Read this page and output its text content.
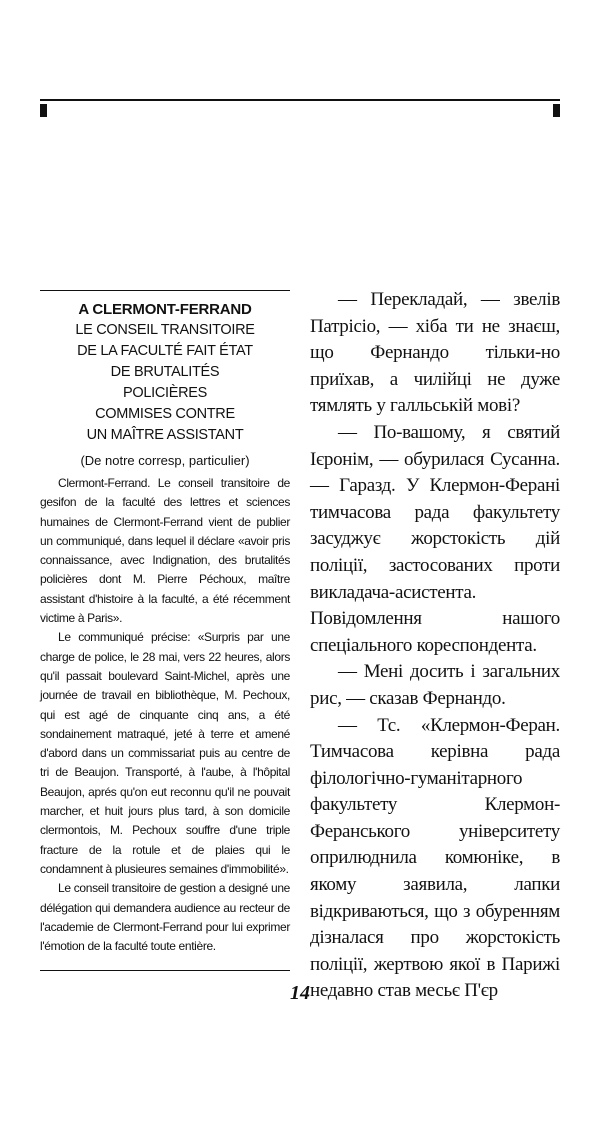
A CLERMONT-FERRAND
LE CONSEIL TRANSITOIRE
DE LA FACULTÉ FAIT ÉTAT
DE BRUTALITÉS
POLICIÈRES
COMMISES CONTRE
UN MAÎTRE ASSISTANT
(De notre corresp, particulier)

Clermont-Ferrand. Le conseil transitoire de gesifon de la faculté des lettres et sciences humaines de Clermont-Ferrand vient de publier un communiqué, dans lequel il déclare «avoir pris connaissance, avec Indignation, des brutalités policières dont M. Pierre Péchoux, maître assistant d'histoire à la faculté, a été récemment victime à Paris».

Le communiqué précise: «Surpris par une charge de police, le 28 mai, vers 22 heures, alors qu'il passait boulevard Saint-Michel, après une journée de travail en bibliothèque, M. Pechoux, qui est agé de cinquante cinq ans, a été sondainement matraqué, jeté à terre et amené d'abord dans un commissariat puis au centre de tri de Beaujon. Transporté, à l'aube, à l'hôpital Beaujon, aprés qu'on eut reconnu qu'il ne pouvait marcher, et huit jours plus tard, à son domicile clermontois, M. Pechoux souffre d'une triple fracture de la rotule et de plaies qui le condamnent à plusieures semaines d'immobilité».

Le conseil transitoire de gestion a designé une délégation qui demandera audience au recteur de l'academie de Clermont-Ferrand pour lui exprimer l'émotion de la faculté toute entière.

— Перекладай, — звелів Патрісіо, — хіба ти не знаєш, що Фернандо тільки-но приїхав, а чилійці не дуже тямлять у галльській мові?

— По-вашому, я святий Ієронім, — обурилася Сусанна. — Гаразд. У Клермон-Ферані тимчасова рада факультету засуджує жорстокість дій поліції, застосованих проти викладача-асистента. Повідомлення нашого спеціального кореспондента.

— Мені досить і загальних рис, — сказав Фернандо.

— Тс. «Клермон-Феран. Тимчасова керівна рада філологічно-гуманітарного факультету Клермон-Феранського університету оприлюднила комюніке, в якому заявила, лапки відкриваються, що з обуренням дізналася про жорстокість поліції, жертвою якої в Парижі недавно став месьє П'єр

14
